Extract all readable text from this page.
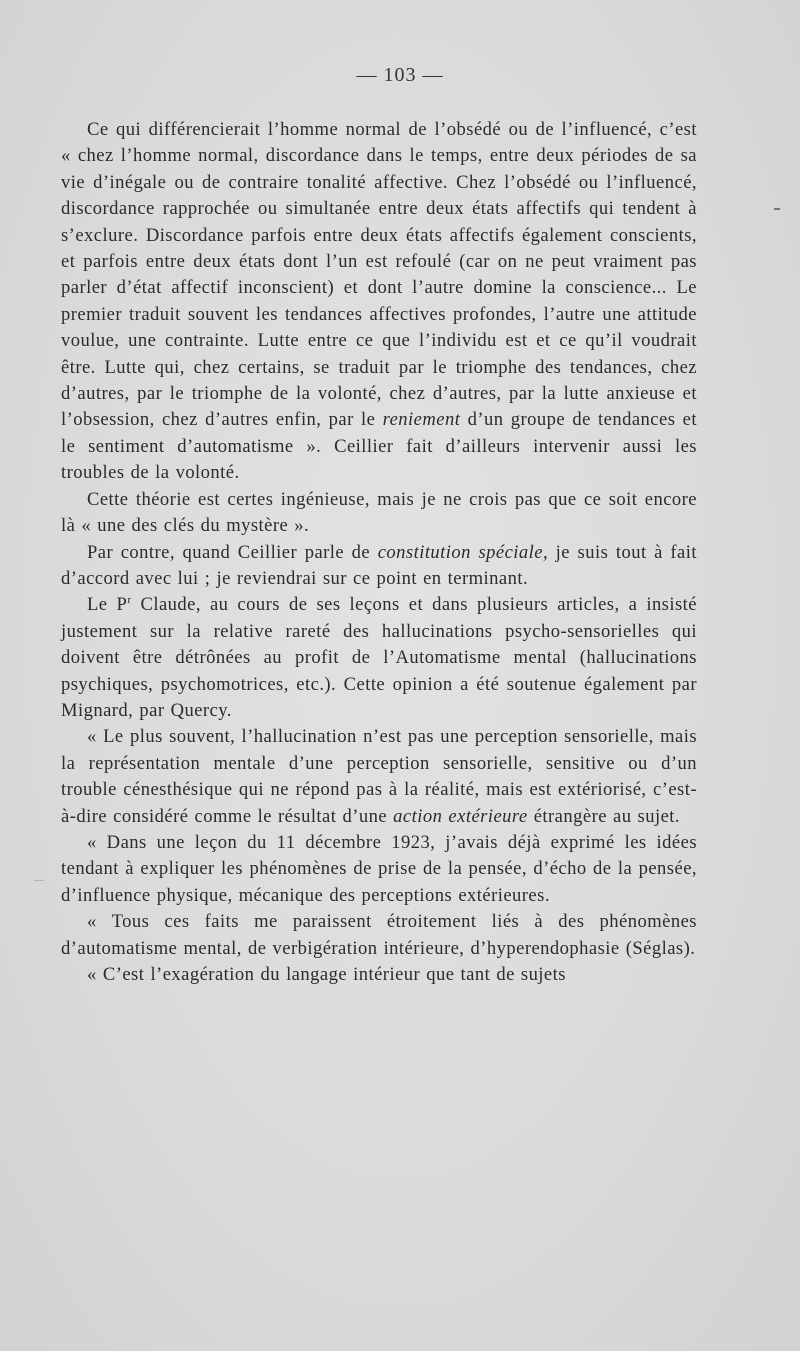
— 103 —

Ce qui différencierait l’homme normal de l’obsédé ou de l’influencé, c’est « chez l’homme normal, discordance dans le temps, entre deux périodes de sa vie d’inégale ou de contraire tonalité affective. Chez l’obsédé ou l’influencé, discordance rapprochée ou simultanée entre deux états affectifs qui tendent à s’exclure. Discordance parfois entre deux états affectifs également conscients, et parfois entre deux états dont l’un est refoulé (car on ne peut vraiment pas parler d’état affectif inconscient) et dont l’autre domine la conscience... Le premier traduit souvent les tendances affectives profondes, l’autre une attitude voulue, une contrainte. Lutte entre ce que l’individu est et ce qu’il voudrait être. Lutte qui, chez certains, se traduit par le triomphe des tendances, chez d’autres, par le triomphe de la volonté, chez d’autres, par la lutte anxieuse et l’obsession, chez d’autres enfin, par le reniement d’un groupe de tendances et le sentiment d’automatisme ». Ceillier fait d’ailleurs intervenir aussi les troubles de la volonté.

Cette théorie est certes ingénieuse, mais je ne crois pas que ce soit encore là « une des clés du mystère ».

Par contre, quand Ceillier parle de constitution spéciale, je suis tout à fait d’accord avec lui ; je reviendrai sur ce point en terminant.

Le $P^r$ Claude, au cours de ses leçons et dans plusieurs articles, a insisté justement sur la relative rareté des hallucinations psycho-sensorielles qui doivent être détrônées au profit de l’Automatisme mental (hallucinations psychiques, psychomotrices, etc.). Cette opinion a été soutenue également par Mignard, par Quercy.

« Le plus souvent, l’hallucination n’est pas une perception sensorielle, mais la représentation mentale d’une perception sensorielle, sensitive ou d’un trouble cénesthésique qui ne répond pas à la réalité, mais est extériorisé, c’est-à-dire considéré comme le résultat d’une action extérieure étrangère au sujet.

« Dans une leçon du 11 décembre 1923, j’avais déjà exprimé les idées tendant à expliquer les phénomènes de prise de la pensée, d’écho de la pensée, d’influence physique, mécanique des perceptions extérieures.

« Tous ces faits me paraissent étroitement liés à des phénomènes d’automatisme mental, de verbigération intérieure, d’hyperendophasie (Séglas).

« C’est l’exagération du langage intérieur que tant de sujets
